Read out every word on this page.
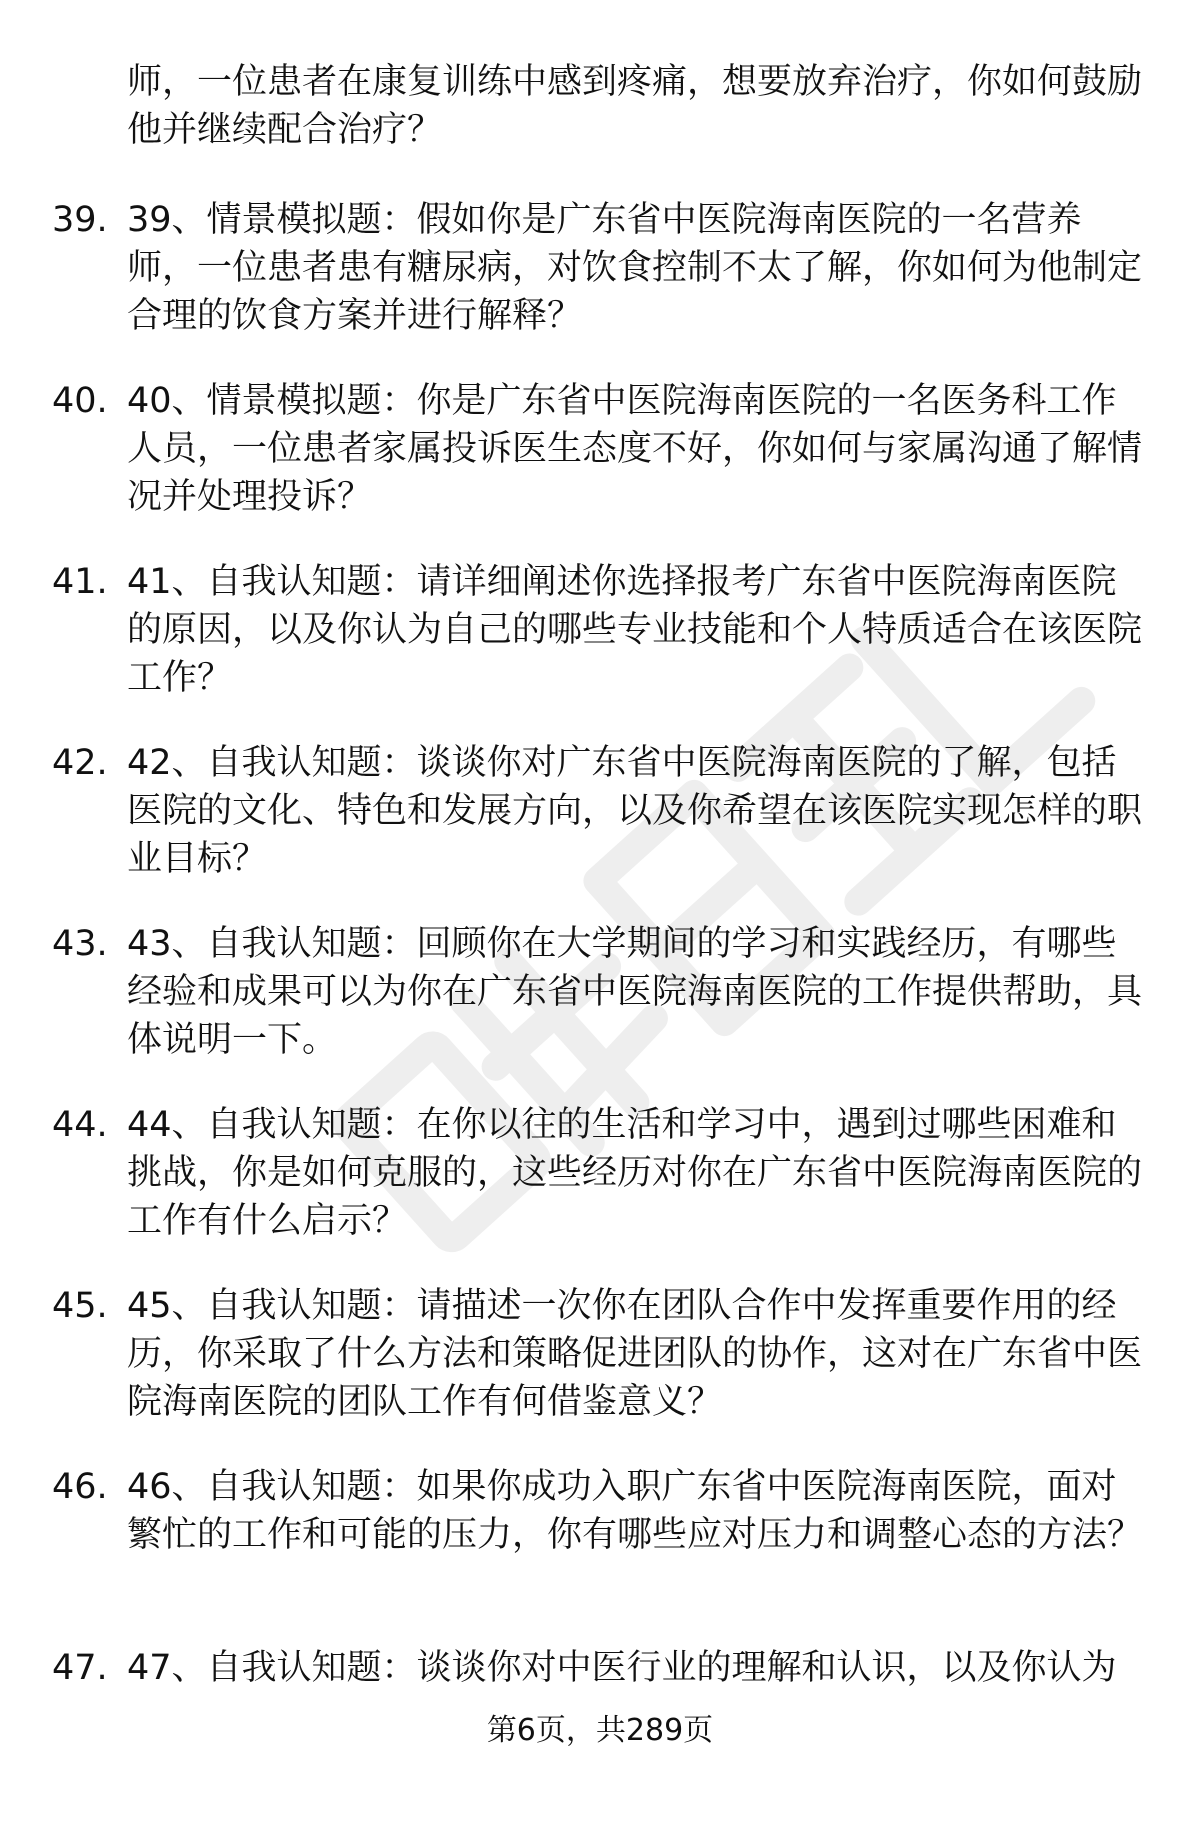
师，一位患者在康复训练中感到疼痛，想要放弃治疗，你如何鼓励他并继续配合治疗？

39. 39、情景模拟题：假如你是广东省中医院海南医院的一名营养师，一位患者患有糖尿病，对饮食控制不太了解，你如何为他制定合理的饮食方案并进行解释？

40. 40、情景模拟题：你是广东省中医院海南医院的一名医务科工作人员，一位患者家属投诉医生态度不好，你如何与家属沟通了解情况并处理投诉？

41. 41、自我认知题：请详细阐述你选择报考广东省中医院海南医院的原因，以及你认为自己的哪些专业技能和个人特质适合在该医院工作？

42. 42、自我认知题：谈谈你对广东省中医院海南医院的了解，包括医院的文化、特色和发展方向，以及你希望在该医院实现怎样的职业目标？

43. 43、自我认知题：回顾你在大学期间的学习和实践经历，有哪些经验和成果可以为你在广东省中医院海南医院的工作提供帮助，具体说明一下。

44. 44、自我认知题：在你以往的生活和学习中，遇到过哪些困难和挑战，你是如何克服的，这些经历对你在广东省中医院海南医院的工作有什么启示？

45. 45、自我认知题：请描述一次你在团队合作中发挥重要作用的经历，你采取了什么方法和策略促进团队的协作，这对在广东省中医院海南医院的团队工作有何借鉴意义？

46. 46、自我认知题：如果你成功入职广东省中医院海南医院，面对繁忙的工作和可能的压力，你有哪些应对压力和调整心态的方法？

47. 47、自我认知题：谈谈你对中医行业的理解和认识，以及你认为

第6页，共289页
